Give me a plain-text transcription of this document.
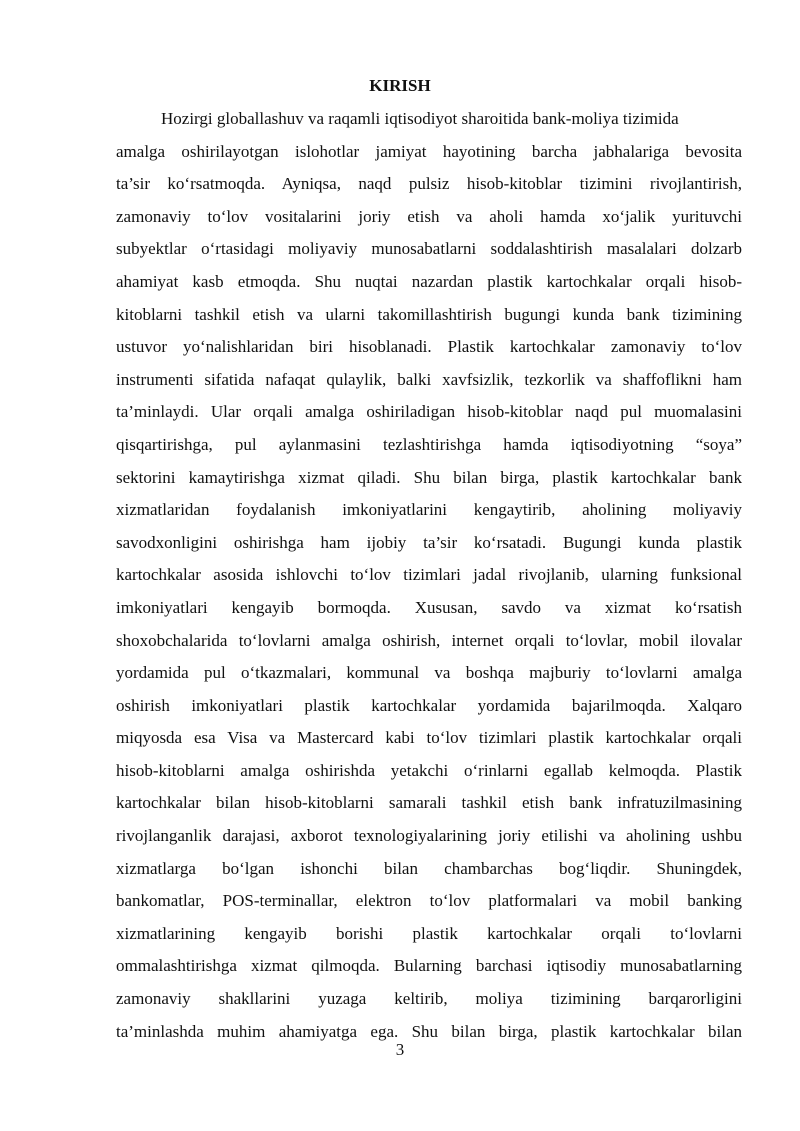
KIRISH
Hozirgi globallashuv va raqamli iqtisodiyot sharoitida bank-moliya tizimida
amalga oshirilayotgan islohotlar jamiyat hayotining barcha jabhalariga bevosita
ta’sir ko‘rsatmoqda. Ayniqsa, naqd pulsiz hisob-kitoblar tizimini rivojlantirish,
zamonaviy to‘lov vositalarini joriy etish va aholi hamda xo‘jalik yurituvchi
subyektlar o‘rtasidagi moliyaviy munosabatlarni soddalashtirish masalalari dolzarb
ahamiyat kasb etmoqda. Shu nuqtai nazardan plastik kartochkalar orqali hisob-
kitoblarni tashkil etish va ularni takomillashtirish bugungi kunda bank tizimining
ustuvor yo‘nalishlaridan biri hisoblanadi. Plastik kartochkalar zamonaviy to‘lov
instrumenti sifatida nafaqat qulaylik, balki xavfsizlik, tezkorlik va shaffoflikni ham
ta’minlaydi. Ular orqali amalga oshiriladigan hisob-kitoblar naqd pul muomalasini
qisqartirishga, pul aylanmasini tezlashtirishga hamda iqtisodiyotning “soya”
sektorini kamaytirishga xizmat qiladi. Shu bilan birga, plastik kartochkalar bank
xizmatlaridan foydalanish imkoniyatlarini kengaytirib, aholining moliyaviy
savodxonligini oshirishga ham ijobiy ta’sir ko‘rsatadi. Bugungi kunda plastik
kartochkalar asosida ishlovchi to‘lov tizimlari jadal rivojlanib, ularning funksional
imkoniyatlari kengayib bormoqda. Xususan, savdo va xizmat ko‘rsatish
shoxobchalarida to‘lovlarni amalga oshirish, internet orqali to‘lovlar, mobil ilovalar
yordamida pul o‘tkazmalari, kommunal va boshqa majburiy to‘lovlarni amalga
oshirish imkoniyatlari plastik kartochkalar yordamida bajarilmoqda. Xalqaro
miqyosda esa Visa va Mastercard kabi to‘lov tizimlari plastik kartochkalar orqali
hisob-kitoblarni amalga oshirishda yetakchi o‘rinlarni egallab kelmoqda. Plastik
kartochkalar bilan hisob-kitoblarni samarali tashkil etish bank infratuzilmasining
rivojlanganlik darajasi, axborot texnologiyalarining joriy etilishi va aholining ushbu
xizmatlarga bo‘lgan ishonchi bilan chambarchas bog‘liqdir. Shuningdek,
bankomatlar, POS-terminallar, elektron to‘lov platformalari va mobil banking
xizmatlarining kengayib borishi plastik kartochkalar orqali to‘lovlarni
ommalashtirishga xizmat qilmoqda. Bularning barchasi iqtisodiy munosabatlarning
zamonaviy shakllarini yuzaga keltirib, moliya tizimining barqarorligini
ta’minlashda muhim ahamiyatga ega. Shu bilan birga, plastik kartochkalar bilan
3
